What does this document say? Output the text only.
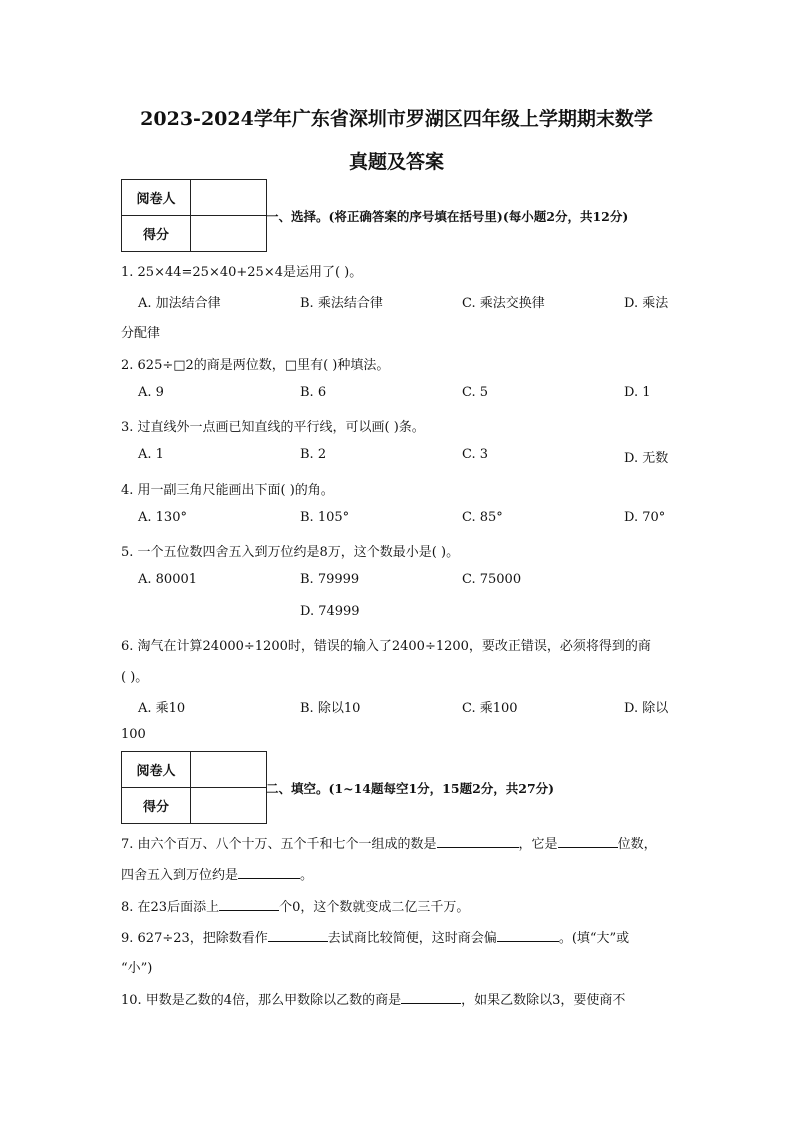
2023-2024学年广东省深圳市罗湖区四年级上学期期末数学
真题及答案
阅卷人	
得分	
一、选择。(将正确答案的序号填在括号里)(每小题2分，共12分)
1. 25×44=25×40+25×4是运用了( )。
A. 加法结合律	B. 乘法结合律	C. 乘法交换律	D. 乘法
分配律
2. 625÷□2的商是两位数，□里有( )种填法。
A. 9	B. 6	C. 5	D. 1
3. 过直线外一点画已知直线的平行线，可以画( )条。
A. 1	B. 2	C. 3	D. 无数
4. 用一副三角尺能画出下面( )的角。
A. 130°	B. 105°	C. 85°	D. 70°
5. 一个五位数四舍五入到万位约是8万，这个数最小是( )。
A. 80001	B. 79999	C. 75000
D. 74999
6. 淘气在计算24000÷1200时，错误的输入了2400÷1200，要改正错误，必须将得到的商
( )。
A. 乘10	B. 除以10	C. 乘100	D. 除以
100
阅卷人	
得分	
二、填空。(1~14题每空1分，15题2分，共27分)
7. 由六个百万、八个十万、五个千和七个一组成的数是	，它是	位数，
四舍五入到万位约是	。
8. 在23后面添上	个0，这个数就变成二亿三千万。
9. 627÷23，把除数看作	去试商比较简便，这时商会偏	。(填“大”或
“小”)
10. 甲数是乙数的4倍，那么甲数除以乙数的商是	，如果乙数除以3，要使商不
